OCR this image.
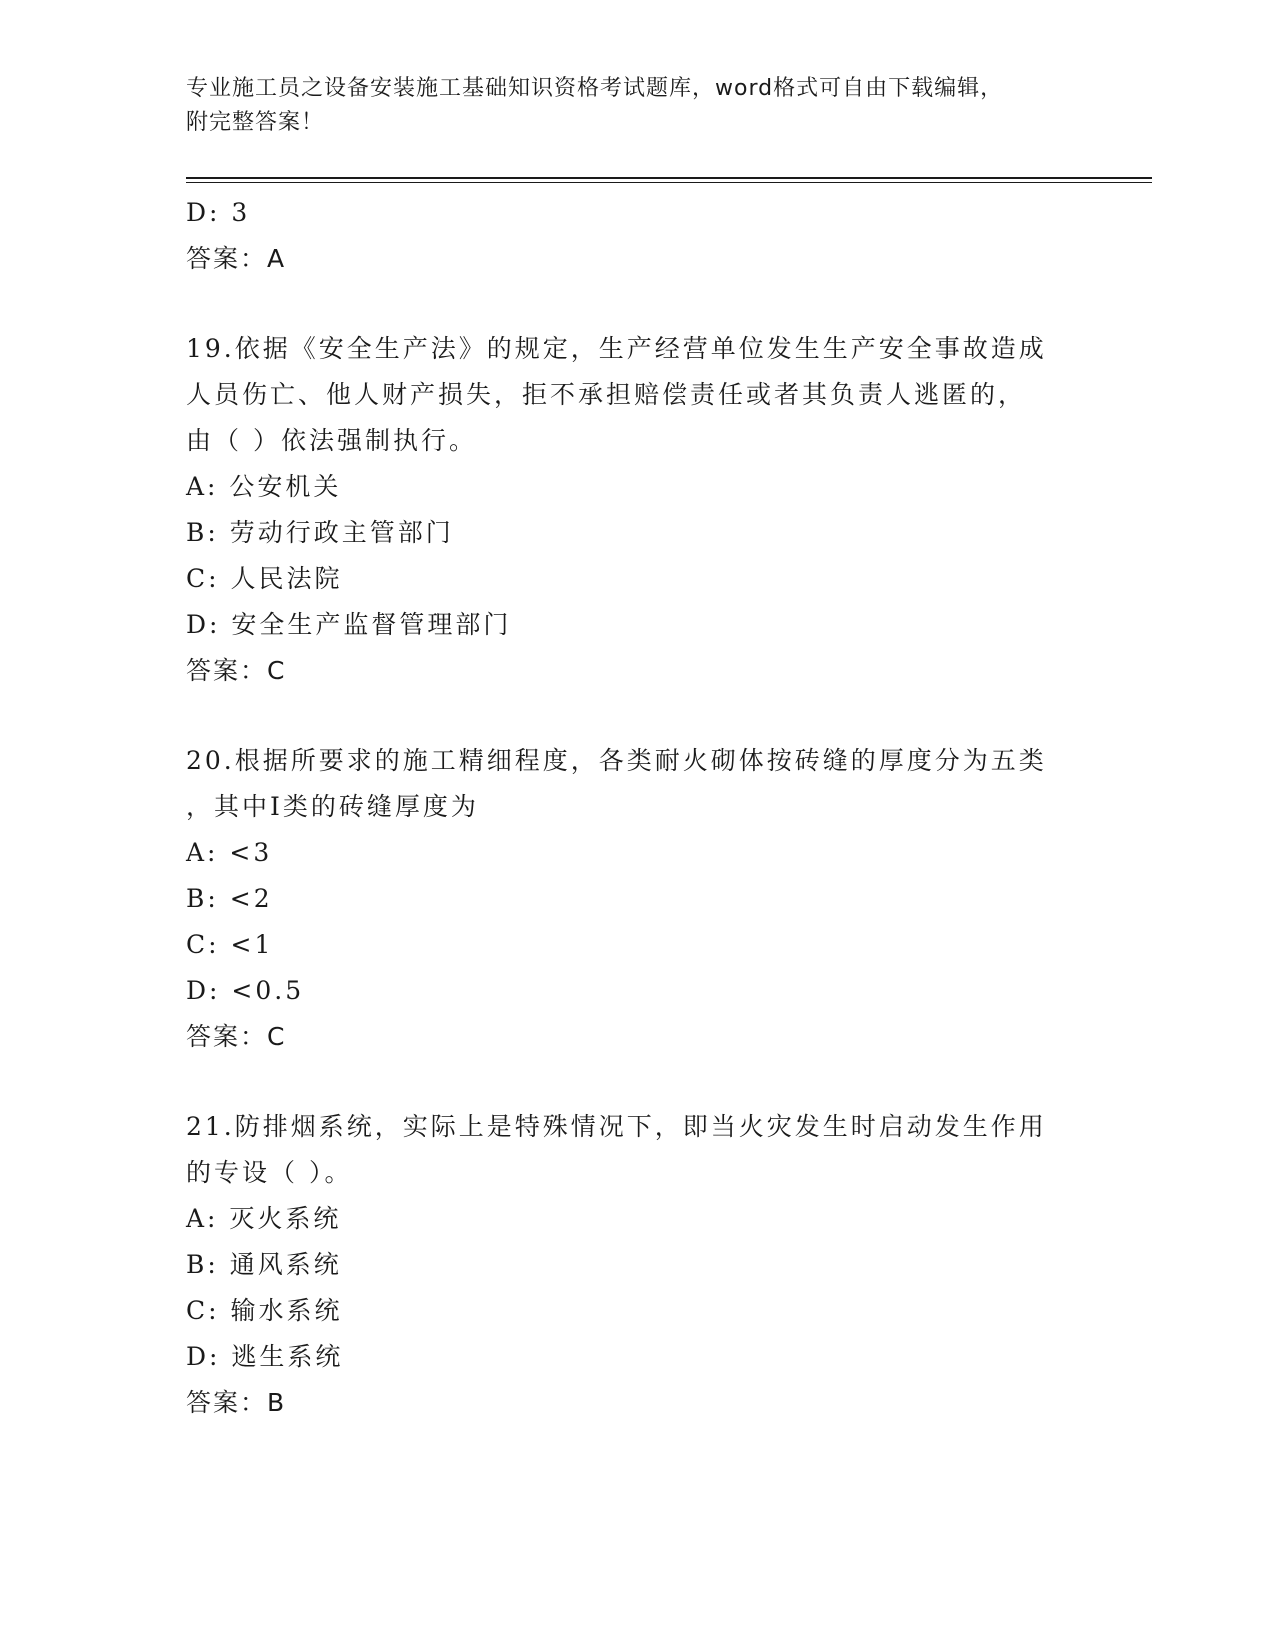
专业施工员之设备安装施工基础知识资格考试题库，word格式可自由下载编辑，
附完整答案！
D: 3
答案：A
19.依据《安全生产法》的规定，生产经营单位发生生产安全事故造成
人员伤亡、他人财产损失，拒不承担赔偿责任或者其负责人逃匿的，
由（ ）依法强制执行。
A: 公安机关
B: 劳动行政主管部门
C: 人民法院
D: 安全生产监督管理部门
答案：C
20.根据所要求的施工精细程度，各类耐火砌体按砖缝的厚度分为五类
，其中Ⅰ类的砖缝厚度为
A: <3
B: <2
C: <1
D: <0.5
答案：C
21.防排烟系统，实际上是特殊情况下，即当火灾发生时启动发生作用
的专设（ ）。
A: 灭火系统
B: 通风系统
C: 输水系统
D: 逃生系统
答案：B
